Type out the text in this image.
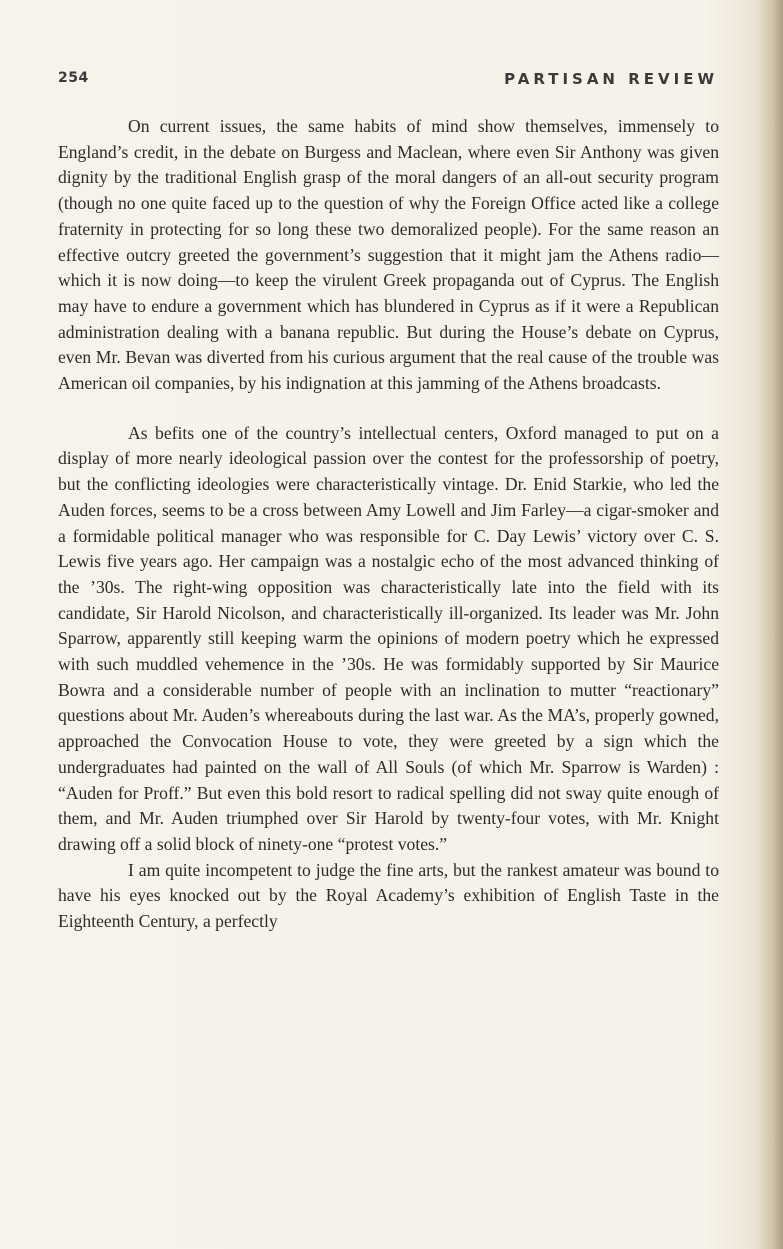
254	PARTISAN REVIEW

On current issues, the same habits of mind show themselves, immensely to England’s credit, in the debate on Burgess and Maclean, where even Sir Anthony was given dignity by the traditional English grasp of the moral dangers of an all-out security program (though no one quite faced up to the question of why the Foreign Office acted like a college fraternity in protecting for so long these two demoralized people). For the same reason an effective outcry greeted the government’s suggestion that it might jam the Athens radio—which it is now doing—to keep the virulent Greek propaganda out of Cyprus. The English may have to endure a government which has blundered in Cyprus as if it were a Republican administration dealing with a banana republic. But during the House’s debate on Cyprus, even Mr. Bevan was diverted from his curious argument that the real cause of the trouble was American oil companies, by his indignation at this jamming of the Athens broadcasts.

As befits one of the country’s intellectual centers, Oxford managed to put on a display of more nearly ideological passion over the contest for the professorship of poetry, but the conflicting ideologies were characteristically vintage. Dr. Enid Starkie, who led the Auden forces, seems to be a cross between Amy Lowell and Jim Farley—a cigar-smoker and a formidable political manager who was responsible for C. Day Lewis’ victory over C. S. Lewis five years ago. Her campaign was a nostalgic echo of the most advanced thinking of the ’30s. The right-wing opposition was characteristically late into the field with its candidate, Sir Harold Nicolson, and characteristically ill-organized. Its leader was Mr. John Sparrow, apparently still keeping warm the opinions of modern poetry which he expressed with such muddled vehemence in the ’30s. He was formidably supported by Sir Maurice Bowra and a considerable number of people with an inclination to mutter “reactionary” questions about Mr. Auden’s whereabouts during the last war. As the MA’s, properly gowned, approached the Convocation House to vote, they were greeted by a sign which the undergraduates had painted on the wall of All Souls (of which Mr. Sparrow is Warden) : “Auden for Proff.” But even this bold resort to radical spelling did not sway quite enough of them, and Mr. Auden triumphed over Sir Harold by twenty-four votes, with Mr. Knight drawing off a solid block of ninety-one “protest votes.”

I am quite incompetent to judge the fine arts, but the rankest amateur was bound to have his eyes knocked out by the Royal Academy’s exhibition of English Taste in the Eighteenth Century, a perfectly
